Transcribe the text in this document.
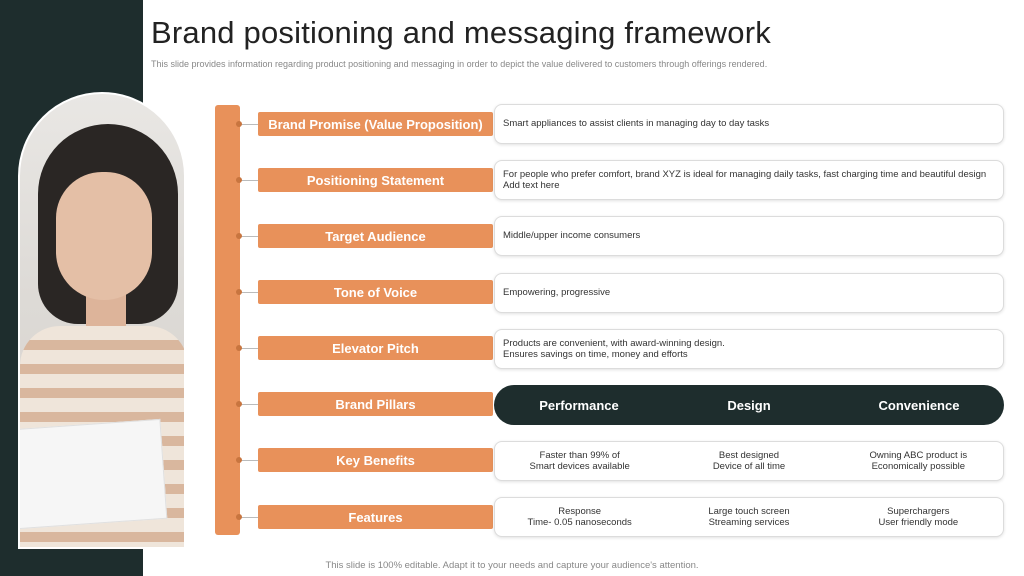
Brand positioning and messaging framework
This slide provides information regarding product positioning and messaging in order to depict the value delivered to customers through offerings rendered.
Brand Promise (Value Proposition)
Positioning Statement
Target Audience
Tone of Voice
Elevator Pitch
Brand Pillars
Key Benefits
Features
Smart appliances to assist clients in managing day to day tasks
For people who prefer comfort, brand XYZ is ideal for managing daily tasks, fast charging time and beautiful design
Add text here
Middle/upper income consumers
Empowering, progressive
Products are convenient, with award-winning design.
Ensures savings on time, money and efforts
Performance	Design	Convenience
Faster than 99% of
Smart devices available
Best designed
Device of all time
Owning ABC product is
Economically possible
Response
Time- 0.05 nanoseconds
Large touch screen
Streaming services
Superchargers
User friendly mode
This slide is 100% editable. Adapt it to your needs and capture your audience's attention.
